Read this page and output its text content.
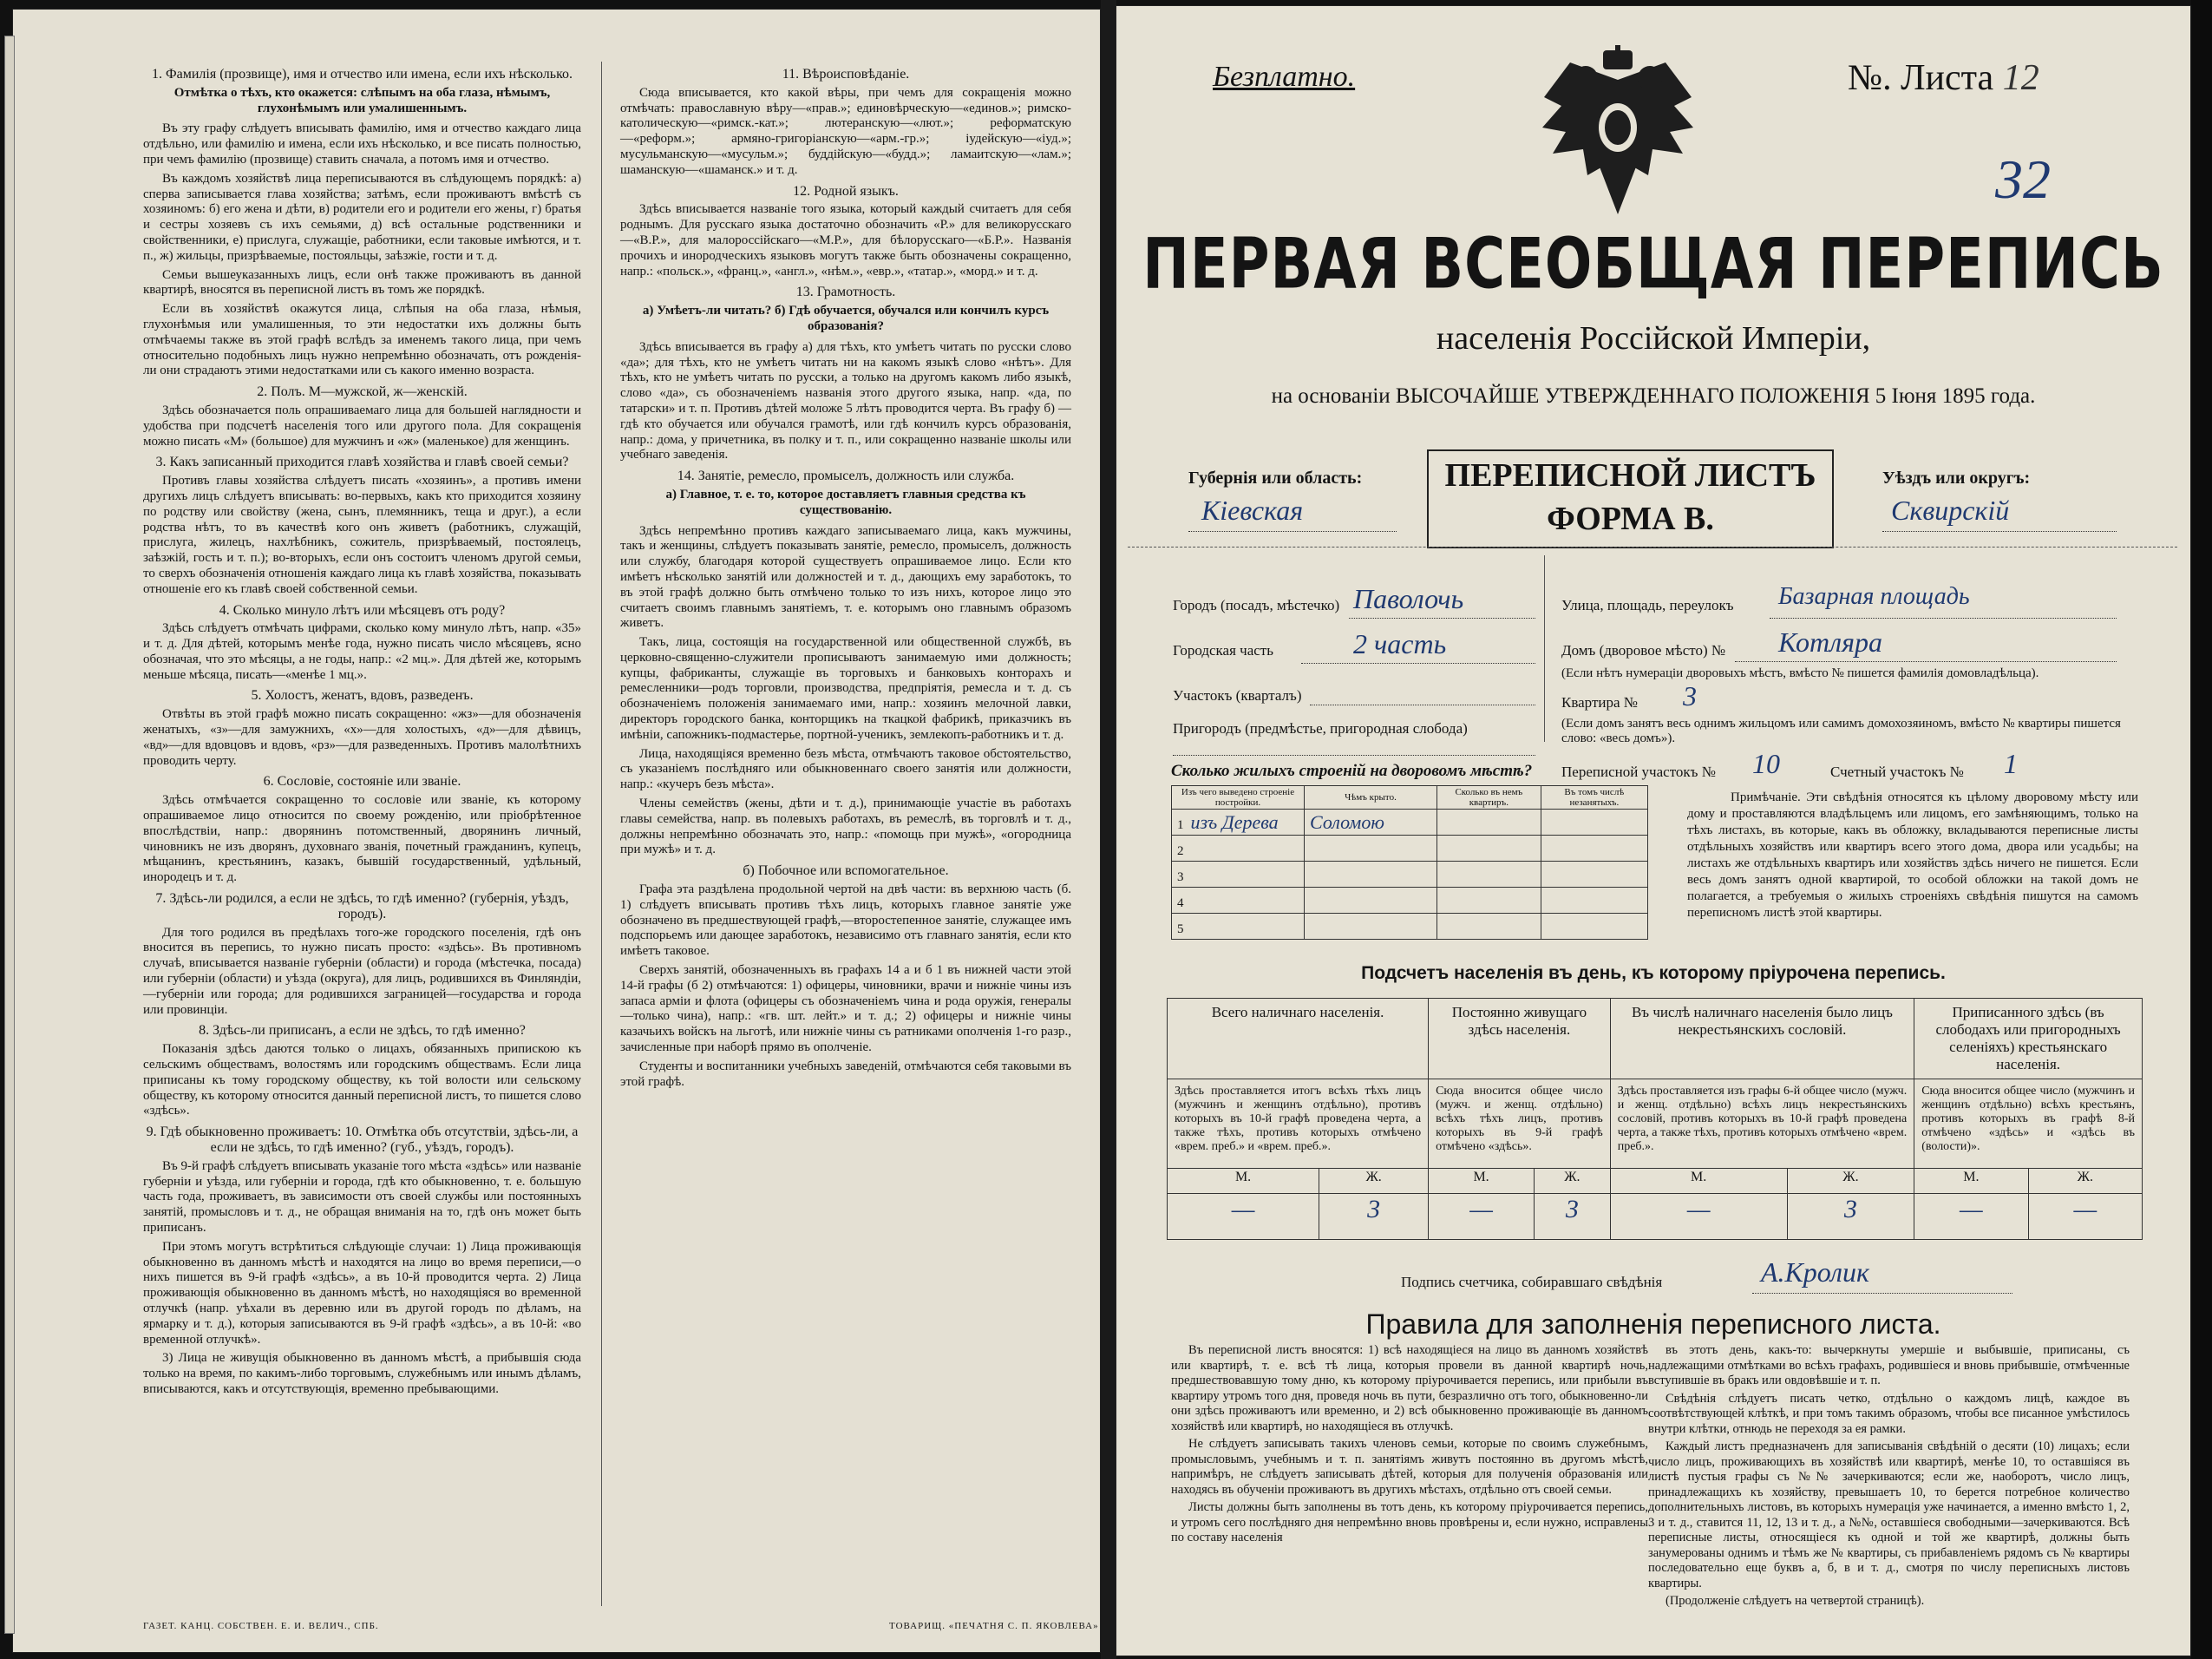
1. Фамилія (прозвище), имя и отчество или имена, если ихъ нѣсколько.
Отмѣтка о тѣхъ, кто окажется: слѣпымъ на оба глаза, нѣмымъ, глухонѣмымъ или умалишеннымъ.

Въ эту графу слѣдуетъ вписывать фамилію, имя и отчество каждаго лица отдѣльно, или фамилію и имена, если ихъ нѣсколько, и все писать полностью, при чемъ фамилію (прозвище) ставить сначала, а потомъ имя и отчество.

Въ каждомъ хозяйствѣ лица переписываются въ слѣдующемъ порядкѣ: а) сперва записывается глава хозяйства; затѣмъ, если проживаютъ вмѣстѣ съ хозяиномъ: б) его жена и дѣти, в) родители его и родители его жены, г) братья и сестры хозяевъ съ ихъ семьями, д) всѣ остальные родственники и свойственники, е) прислуга, служащіе, работники, если таковые имѣются, и т. п., ж) жильцы, призрѣваемые, постояльцы, заѣзжіе, гости и т. д.

Семьи вышеуказанныхъ лицъ, если онѣ также проживаютъ въ данной квартирѣ, вносятся въ переписной листъ въ томъ же порядкѣ.

Если въ хозяйствѣ окажутся лица, слѣпыя на оба глаза, нѣмыя, глухонѣмыя или умалишенныя, то эти недостатки ихъ должны быть отмѣчаемы также въ этой графѣ вслѣдъ за именемъ такого лица, при чемъ относительно подобныхъ лицъ нужно непремѣнно обозначать, отъ рожденія-ли они страдаютъ этими недостатками или съ какого именно возраста.

2. Полъ. М—мужской, ж—женскій.

Здѣсь обозначается поль опрашиваемаго лица для большей наглядности и удобства при подсчетѣ населенія того или другого пола. Для сокращенія можно писать «М» (большое) для мужчинъ и «ж» (маленькое) для женщинъ.

3. Какъ записанный приходится главѣ хозяйства и главѣ своей семьи?

Противъ главы хозяйства слѣдуетъ писать «хозяинъ», а противъ имени другихъ лицъ слѣдуетъ вписывать: во-первыхъ, какъ кто приходится хозяину по родству или свойству (жена, сынъ, племянникъ, теща и друг.), а если родства нѣтъ, то въ качествѣ кого онъ живетъ (работникъ, служащій, прислуга, жилецъ, нахлѣбникъ, сожитель, призрѣваемый, постоялецъ, заѣзжій, гость и т. п.); во-вторыхъ, если онъ состоитъ членомъ другой семьи, то сверхъ обозначенія отношенія каждаго лица къ главѣ хозяйства, показывать отношеніе его къ главѣ своей собственной семьи.

4. Сколько минуло лѣтъ или мѣсяцевъ отъ роду?

Здѣсь слѣдуетъ отмѣчать цифрами, сколько кому минуло лѣтъ, напр. «35» и т. д. Для дѣтей, которымъ менѣе года, нужно писать число мѣсяцевъ, ясно обозначая, что это мѣсяцы, а не годы, напр.: «2 мц.». Для дѣтей же, которымъ меньше мѣсяца, писать—«менѣе 1 мц.».

5. Холостъ, женатъ, вдовъ, разведенъ.

Отвѣты въ этой графѣ можно писать сокращенно: «жз»—для обозначенія женатыхъ, «з»—для замужнихъ, «х»—для холостыхъ, «д»—для дѣвицъ, «вд»—для вдовцовъ и вдовъ, «рз»—для разведенныхъ. Противъ малолѣтнихъ проводить черту.

6. Сословіе, состояніе или званіе.

Здѣсь отмѣчается сокращенно то сословіе или званіе, къ которому опрашиваемое лицо относится по своему рожденію, или пріобрѣтенное впослѣдствіи, напр.: дворянинъ потомственный, дворянинъ личный, чиновникъ не изъ дворянъ, духовнаго званія, почетный гражданинъ, купецъ, мѣщанинъ, крестьянинъ, казакъ, бывшій государственный, удѣльный, инородецъ и т. д.

7. Здѣсь-ли родился, а если не здѣсь, то гдѣ именно? (губернія, уѣздъ, городъ).

Для того родился въ предѣлахъ того-же городского поселенія, гдѣ онъ вносится въ перепись, то нужно писать просто: «здѣсь». Въ противномъ случаѣ, вписывается названіе губерніи (области) и города (мѣстечка, посада) или губерніи (области) и уѣзда (округа), для лицъ, родившихся въ Финляндіи,—губерніи или города; для родившихся заграницей—государства и города или провинціи.

8. Здѣсь-ли приписанъ, а если не здѣсь, то гдѣ именно?

Показанія здѣсь даются только о лицахъ, обязанныхъ припискою къ сельскимъ обществамъ, волостямъ или городскимъ обществамъ. Если лица приписаны къ тому городскому обществу, къ той волости или сельскому обществу, къ которому относится данный переписной листъ, то пишется слово «здѣсь».

9. Гдѣ обыкновенно проживаетъ: 10. Отмѣтка объ отсутствіи, здѣсь-ли, а если не здѣсь, то гдѣ именно? (губ., уѣздъ, городъ).

Въ 9-й графѣ слѣдуетъ вписывать указаніе того мѣста «здѣсь» или названіе губерніи и уѣзда, или губерніи и города, гдѣ кто обыкновенно, т. е. большую часть года, проживаетъ, въ зависимости отъ своей службы или постоянныхъ занятій, промысловъ и т. д., не обращая вниманія на то, гдѣ онъ может быть приписанъ.

При этомъ могутъ встрѣтиться слѣдующіе случаи: 1) Лица проживающія обыкновенно въ данномъ мѣстѣ и находятся на лицо во время переписи,—о нихъ пишется въ 9-й графѣ «здѣсь», а въ 10-й проводится черта. 2) Лица проживающія обыкновенно въ данномъ мѣстѣ, но находящіяся во временной отлучкѣ (напр. уѣхали въ деревню или въ другой городъ по дѣламъ, на ярмарку и т. д.), которыя записываются въ 9-й графѣ «здѣсь», а въ 10-й: «во временной отлучкѣ».

3) Лица не живущія обыкновенно въ данномъ мѣстѣ, а прибывшія сюда только на время, по какимъ-либо торговымъ, служебнымъ или инымъ дѣламъ, вписываются, какъ и отсутствующія, временно пребывающими.

11. Вѣроисповѣданіе.

Сюда вписывается, кто какой вѣры, при чемъ для сокращенія можно отмѣчать: православную вѣру—«прав.»; единовѣрческую—«единов.»; римско-католическую—«римск.-кат.»; лютеранскую—«лют.»; реформатскую—«реформ.»; армяно-григоріанскую—«арм.-гр.»; іудейскую—«іуд.»; мусульманскую—«мусульм.»; буддійскую—«будд.»; ламаитскую—«лам.»; шаманскую—«шаманск.» и т. д.

12. Родной языкъ.

Здѣсь вписывается названіе того языка, который каждый считаетъ для себя роднымъ. Для русскаго языка достаточно обозначить «Р.» для великорусскаго—«В.Р.», для малороссійскаго—«М.Р.», для бѣлорусскаго—«Б.Р.». Названія прочихъ и инородческихъ языковъ могутъ также быть обозначены сокращенно, напр.: «польск.», «франц.», «англ.», «нѣм.», «евр.», «татар.», «морд.» и т. д.

13. Грамотность.
а) Умѣетъ-ли читать? б) Гдѣ обучается, обучался или кончилъ курсъ образованія?

Здѣсь вписывается въ графу а) для тѣхъ, кто умѣетъ читать по русски слово «да»; для тѣхъ, кто не умѣетъ читать ни на какомъ языкѣ слово «нѣтъ». Для тѣхъ, кто не умѣетъ читать по русски, а только на другомъ какомъ либо языкѣ, слово «да», съ обозначеніемъ названія этого другого языка, напр. «да, по татарски» и т. п. Противъ дѣтей моложе 5 лѣтъ проводится черта. Въ графу б) — гдѣ кто обучается или обучался грамотѣ, или гдѣ кончилъ курсъ образованія, напр.: дома, у причетника, въ полку и т. п., или сокращенно названіе школы или учебнаго заведенія.

14. Занятіе, ремесло, промыселъ, должность или служба.
а) Главное, т. е. то, которое доставляетъ главныя средства къ существованію.

Здѣсь непремѣнно противъ каждаго записываемаго лица, какъ мужчины, такъ и женщины, слѣдуетъ показывать занятіе, ремесло, промыселъ, должность или службу, благодаря которой существуетъ опрашиваемое лицо. Если кто имѣетъ нѣсколько занятій или должностей и т. д., дающихъ ему заработокъ, то въ этой графѣ должно быть отмѣчено только то изъ нихъ, которое лицо это считаетъ своимъ главнымъ занятіемъ, т. е. которымъ оно главнымъ образомъ живетъ.

Такъ, лица, состоящія на государственной или общественной службѣ, въ церковно-священно-служители прописываютъ занимаемую ими должность; купцы, фабриканты, служащіе въ торговыхъ и банковыхъ конторахъ и ремесленники—родъ торговли, производства, предпріятія, ремесла и т. д. съ обозначеніемъ положенія занимаемаго ими, напр.: хозяинъ мелочной лавки, директоръ городского банка, конторщикъ на ткацкой фабрикѣ, приказчикъ въ имѣніи, сапожникъ-подмастерье, портной-ученикъ, землекопъ-работникъ и т. д.

Лица, находящіяся временно безъ мѣста, отмѣчаютъ таковое обстоятельство, съ указаніемъ послѣдняго или обыкновеннаго своего занятія или должности, напр.: «кучеръ безъ мѣста».

Члены семействъ (жены, дѣти и т. д.), принимающіе участіе въ работахъ главы семейства, напр. въ полевыхъ работахъ, въ ремеслѣ, въ торговлѣ и т. д., должны непремѣнно обозначать это, напр.: «помощь при мужѣ», «огородница при мужѣ» и т. д.

б) Побочное или вспомогательное.

Графа эта раздѣлена продольной чертой на двѣ части: въ верхнюю часть (б. 1) слѣдуетъ вписывать противъ тѣхъ лицъ, которыхъ главное занятіе уже обозначено въ предшествующей графѣ,—второстепенное занятіе, служащее имъ подспорьемъ или дающее заработокъ, независимо отъ главнаго занятія, если кто имѣетъ таковое.

Сверхъ занятій, обозначенныхъ въ графахъ 14 а и б 1 въ нижней части этой 14-й графы (б 2) отмѣчаются: 1) офицеры, чиновники, врачи и нижніе чины изъ запаса арміи и флота (офицеры съ обозначеніемъ чина и рода оружія, генералы—только чина), напр.: «гв. шт. лейт.» и т. д.; 2) офицеры и нижніе чины казачьихъ войскъ на льготѣ, или нижніе чины съ ратниками ополченія 1-го разр., зачисленные при наборѣ прямо въ ополченіе.

Студенты и воспитанники учебныхъ заведеній, отмѣчаются себя таковыми въ этой графѣ.

ГАЗЕТ. КАНЦ. СОБСТВЕН. Е. И. ВЕЛИЧ., СПБ.	ТОВАРИЩ. «ПЕЧАТНЯ С. П. ЯКОВЛЕВА»
Безплатно.	№. Листа 12
32
ПЕРВАЯ ВСЕОБЩАЯ ПЕРЕПИСЬ
населенія Россійской Имперіи,
на основаніи ВЫСОЧАЙШЕ УТВЕРЖДЕННАГО ПОЛОЖЕНІЯ 5 Іюня 1895 года.
ПЕРЕПИСНОЙ ЛИСТЪ
ФОРМА В.
Губернія или область:
Кіевская
Уѣздъ или округъ:
Сквирскій
Городъ (посадъ, мѣстечко) Паволочь
Городская часть	2 часть
Участокъ (кварталъ)
Пригородъ (предмѣстье, пригородная слобода)
Улица, площадь, переулокъ Базарная площадь
Домъ (дворовое мѣсто) № Котляра
(Если нѣтъ нумераціи дворовыхъ мѣстъ, вмѣсто № пишется фамилія домовладѣльца).
Квартира № 3
(Если домъ занятъ весь однимъ жильцомъ или самимъ домохозяиномъ, вмѣсто № квартиры пишется слово: «весь домъ»).
Переписной участокъ № 10	Счетный участокъ № 1
Сколько жилыхъ строеній на дворовомъ мѣстѣ?
Изъ чего выведено строеніе постройки.	Чѣмъ крыто.	Сколько въ немъ квартиръ.	Въ томъ числѣ незанятыхъ.
1 изъ Дерева	Соломою		
2			
3			
4			
5			
Примѣчаніе. Эти свѣдѣнія относятся къ цѣлому дворовому мѣсту или дому и проставляются владѣльцемъ или лицомъ, его замѣняющимъ, только на тѣхъ листахъ, въ которые, какъ въ обложку, вкладываются переписные листы отдѣльныхъ хозяйствъ или квартиръ всего этого дома, двора или усадьбы; на листахъ же отдѣльныхъ квартиръ или хозяйствъ здѣсь ничего не пишется. Если весь домъ занятъ одной квартирой, то особой обложки на такой домъ не полагается, а требуемыя о жилыхъ строеніяхъ свѣдѣнія пишутся на самомъ переписномъ листѣ этой квартиры.
Подсчетъ населенія въ день, къ которому пріурочена перепись.
Всего наличнаго населенія.		Постоянно живущаго здѣсь населенія.		Въ числѣ наличнаго населенія было лицъ некрестьянскихъ сословій.		Приписанного здѣсь (въ слободахъ или пригородныхъ селеніяхъ) крестьянскаго населенія.	
Здѣсь проставляется итогъ всѣхъ тѣхъ лицъ (мужчинъ и женщинъ отдѣльно), противъ которыхъ въ 10-й графѣ проведена черта, а также тѣхъ, противъ которыхъ отмѣчено «врем. преб.» и «врем. преб.».		Сюда вносится общее число (мужч. и женщ. отдѣльно) всѣхъ тѣхъ лицъ, противъ которыхъ въ 9-й графѣ отмѣчено «здѣсь».		Здѣсь проставляется изъ графы 6-й общее число (мужч. и женщ. отдѣльно) всѣхъ лицъ некрестьянскихъ сословій, противъ которыхъ въ 10-й графѣ проведена черта, а также тѣхъ, противъ которыхъ отмѣчено «врем. преб.».		Сюда вносится общее число (мужчинъ и женщинъ отдѣльно) всѣхъ крестьянъ, противъ которыхъ въ графѣ 8-й отмѣчено «здѣсь» и «здѣсь въ (волости)».	
М.	Ж.	М.	Ж.	М.	Ж.	М.	Ж.
—	3	—	3	—	3	—	—
Подпись счетчика, собиравшаго свѣдѣнія	А.Кролик
Правила для заполненія переписного листа.

Въ переписной листъ вносятся: 1) всѣ находящіеся на лицо въ данномъ хозяйствѣ или квартирѣ, т. е. всѣ тѣ лица, которыя провели въ данной квартирѣ ночь, предшествовавшую тому дню, къ которому пріурочивается перепись, или прибыли въ квартиру утромъ того дня, проведя ночь въ пути, безразлично отъ того, обыкновенно-ли они здѣсь проживаютъ или временно, и 2) всѣ обыкновенно проживающіе въ данномъ хозяйствѣ или квартирѣ, но находящіеся въ отлучкѣ.

Не слѣдуетъ записывать такихъ членовъ семьи, которые по своимъ служебнымъ, промысловымъ, учебнымъ и т. п. занятіямъ живутъ постоянно въ другомъ мѣстѣ, напримѣръ, не слѣдуетъ записывать дѣтей, которыя для полученія образованія или находясь въ обученіи проживаютъ въ другихъ мѣстахъ, отдѣльно отъ своей семьи.

Листы должны быть заполнены въ тотъ день, къ которому пріурочивается перепись, и утромъ сего послѣдняго дня непремѣнно вновь провѣрены и, если нужно, исправлены по составу населенія

въ этотъ день, какъ-то: вычеркнуты умершіе и выбывшіе, приписаны, съ надлежащими отмѣтками во всѣхъ графахъ, родившіеся и вновь прибывшіе, отмѣченные вступившіе въ бракъ или овдовѣвшіе и т. п.

Свѣдѣнія слѣдуетъ писать четко, отдѣльно о каждомъ лицѣ, каждое въ соотвѣтствующей клѣткѣ, и при томъ такимъ образомъ, чтобы все писанное умѣстилось внутри клѣтки, отнюдь не переходя за ея рамки.

Каждый листъ предназначенъ для записыванія свѣдѣній о десяти (10) лицахъ; если число лицъ, проживающихъ въ хозяйствѣ или квартирѣ, менѣе 10, то оставшіяся въ листѣ пустыя графы съ №№ зачеркиваются; если же, наоборотъ, число лицъ, принадлежащихъ къ хозяйству, превышаетъ 10, то берется потребное количество дополнительныхъ листовъ, въ которыхъ нумерація уже начинается, а именно вмѣсто 1, 2, 3 и т. д., ставится 11, 12, 13 и т. д., а №№, оставшіеся свободными—зачеркиваются. Всѣ переписные листы, относящіеся къ одной и той же квартирѣ, должны быть занумерованы однимъ и тѣмъ же № квартиры, съ прибавленіемъ рядомъ съ № квартиры последовательно еще буквъ а, б, в и т. д., смотря по числу переписныхъ листовъ квартиры.

(Продолженіе слѣдуетъ на четвертой страницѣ).
